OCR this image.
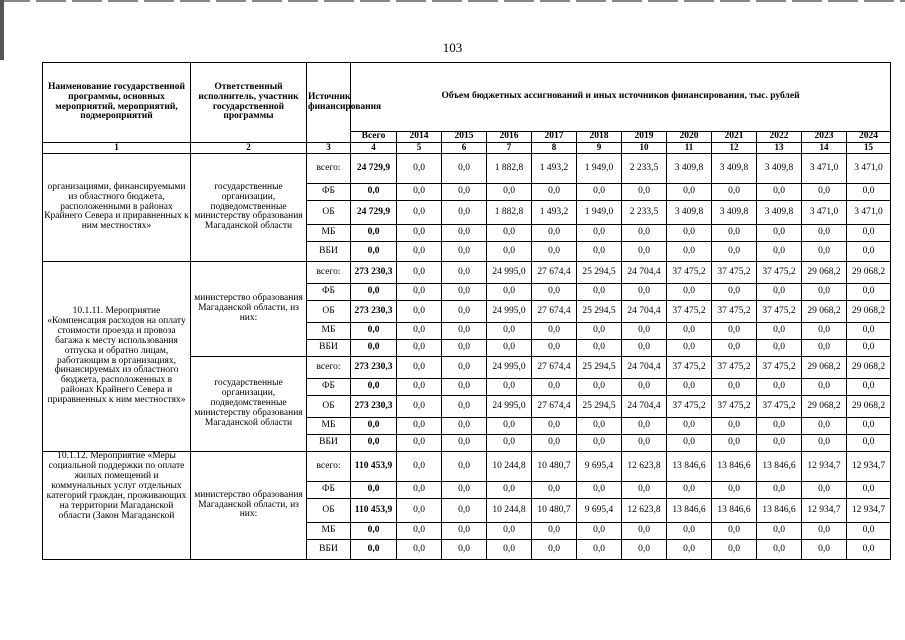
103
Наименование государственной программы, основных мероприятий, мероприятий, подмероприятий	Ответственный исполнитель, участник государственной программы	Источник финансирования	Объем бюджетных ассигнований и иных источников финансирования, тыс. рублей											
			Всего	2014	2015	2016	2017	2018	2019	2020	2021	2022	2023	2024
1	2	3	4	5	6	7	8	9	10	11	12	13	14	15
организациями, финансируемыми из областного бюджета, расположенными в районах Крайнего Севера и приравненных к ним местностях»	государственные организации, подведомственные министерству образования Магаданской области	всего:	24 729,9	0,0	0,0	1 882,8	1 493,2	1 949,0	2 233,5	3 409,8	3 409,8	3 409,8	3 471,0	3 471,0
		ФБ	0,0	0,0	0,0	0,0	0,0	0,0	0,0	0,0	0,0	0,0	0,0	0,0
		ОБ	24 729,9	0,0	0,0	1 882,8	1 493,2	1 949,0	2 233,5	3 409,8	3 409,8	3 409,8	3 471,0	3 471,0
		МБ	0,0	0,0	0,0	0,0	0,0	0,0	0,0	0,0	0,0	0,0	0,0	0,0
		ВБИ	0,0	0,0	0,0	0,0	0,0	0,0	0,0	0,0	0,0	0,0	0,0	0,0
10.1.11. Мероприятие «Компенсация расходов на оплату стоимости проезда и провоза багажа к месту использования отпуска и обратно лицам, работающим в организациях, финансируемых из областного бюджета, расположенных в районах Крайнего Севера и приравненных к ним местностях»	министерство образования Магаданской области, из них:	всего:	273 230,3	0,0	0,0	24 995,0	27 674,4	25 294,5	24 704,4	37 475,2	37 475,2	37 475,2	29 068,2	29 068,2
		ФБ	0,0	0,0	0,0	0,0	0,0	0,0	0,0	0,0	0,0	0,0	0,0	0,0
		ОБ	273 230,3	0,0	0,0	24 995,0	27 674,4	25 294,5	24 704,4	37 475,2	37 475,2	37 475,2	29 068,2	29 068,2
		МБ	0,0	0,0	0,0	0,0	0,0	0,0	0,0	0,0	0,0	0,0	0,0	0,0
		ВБИ	0,0	0,0	0,0	0,0	0,0	0,0	0,0	0,0	0,0	0,0	0,0	0,0
	государственные организации, подведомственные министерству образования Магаданской области	всего:	273 230,3	0,0	0,0	24 995,0	27 674,4	25 294,5	24 704,4	37 475,2	37 475,2	37 475,2	29 068,2	29 068,2
		ФБ	0,0	0,0	0,0	0,0	0,0	0,0	0,0	0,0	0,0	0,0	0,0	0,0
		ОБ	273 230,3	0,0	0,0	24 995,0	27 674,4	25 294,5	24 704,4	37 475,2	37 475,2	37 475,2	29 068,2	29 068,2
		МБ	0,0	0,0	0,0	0,0	0,0	0,0	0,0	0,0	0,0	0,0	0,0	0,0
		ВБИ	0,0	0,0	0,0	0,0	0,0	0,0	0,0	0,0	0,0	0,0	0,0	0,0
10.1.12. Мероприятие «Меры социальной поддержки по оплате жилых помещений и коммунальных услуг отдельных категорий граждан, проживающих на территории Магаданской области (Закон Магаданской	министерство образования Магаданской области, из них:	всего:	110 453,9	0,0	0,0	10 244,8	10 480,7	9 695,4	12 623,8	13 846,6	13 846,6	13 846,6	12 934,7	12 934,7
		ФБ	0,0	0,0	0,0	0,0	0,0	0,0	0,0	0,0	0,0	0,0	0,0	0,0
		ОБ	110 453,9	0,0	0,0	10 244,8	10 480,7	9 695,4	12 623,8	13 846,6	13 846,6	13 846,6	12 934,7	12 934,7
		МБ	0,0	0,0	0,0	0,0	0,0	0,0	0,0	0,0	0,0	0,0	0,0	0,0
		ВБИ	0,0	0,0	0,0	0,0	0,0	0,0	0,0	0,0	0,0	0,0	0,0	0,0
